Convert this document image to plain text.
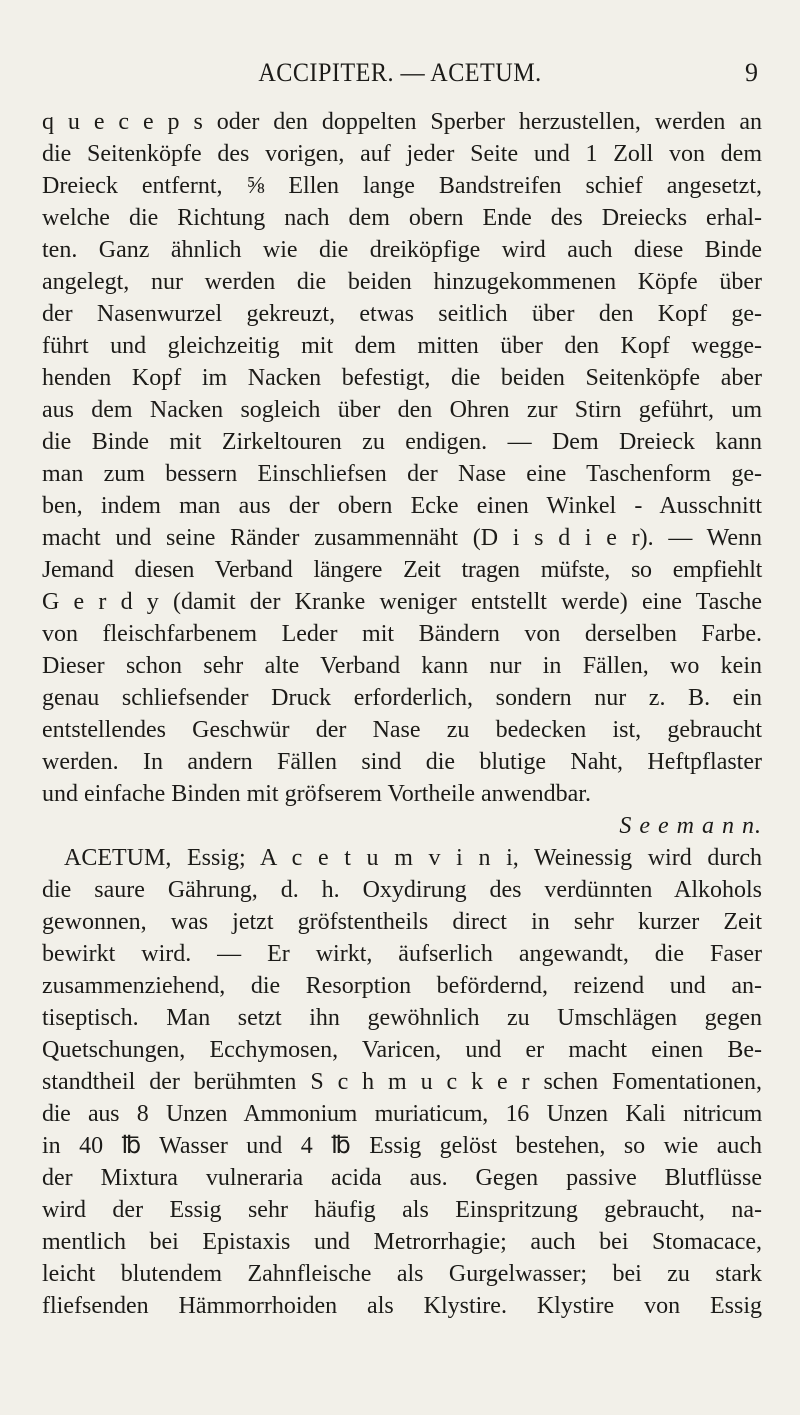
ACCIPITER. — ACETUM.	9
q u e c e p s oder den doppelten Sperber herzustellen, werden an
die Seitenköpfe des vorigen, auf jeder Seite und 1 Zoll von dem
Dreieck entfernt, ⅝ Ellen lange Bandstreifen schief angesetzt,
welche die Richtung nach dem obern Ende des Dreiecks erhal-
ten. Ganz ähnlich wie die dreiköpfige wird auch diese Binde
angelegt, nur werden die beiden hinzugekommenen Köpfe über
der Nasenwurzel gekreuzt, etwas seitlich über den Kopf ge-
führt und gleichzeitig mit dem mitten über den Kopf wegge-
henden Kopf im Nacken befestigt, die beiden Seitenköpfe aber
aus dem Nacken sogleich über den Ohren zur Stirn geführt, um
die Binde mit Zirkeltouren zu endigen. — Dem Dreieck kann
man zum bessern Einschliefsen der Nase eine Taschenform ge-
ben, indem man aus der obern Ecke einen Winkel - Ausschnitt
macht und seine Ränder zusammennäht (D i s d i e r). — Wenn
Jemand diesen Verband längere Zeit tragen müfste, so empfiehlt
G e r d y (damit der Kranke weniger entstellt werde) eine Tasche
von fleischfarbenem Leder mit Bändern von derselben Farbe.
Dieser schon sehr alte Verband kann nur in Fällen, wo kein
genau schliefsender Druck erforderlich, sondern nur z. B. ein
entstellendes Geschwür der Nase zu bedecken ist, gebraucht
werden. In andern Fällen sind die blutige Naht, Heftpflaster
und einfache Binden mit gröfserem Vortheile anwendbar.
S e e m a n n.
ACETUM, Essig; A c e t u m v i n i, Weinessig wird durch
die saure Gährung, d. h. Oxydirung des verdünnten Alkohols
gewonnen, was jetzt gröfstentheils direct in sehr kurzer Zeit
bewirkt wird. — Er wirkt, äufserlich angewandt, die Faser
zusammenziehend, die Resorption befördernd, reizend und an-
tiseptisch. Man setzt ihn gewöhnlich zu Umschlägen gegen
Quetschungen, Ecchymosen, Varicen, und er macht einen Be-
standtheil der berühmten S c h m u c k e r schen Fomentationen,
die aus 8 Unzen Ammonium muriaticum, 16 Unzen Kali nitricum
in 40 ℔ Wasser und 4 ℔ Essig gelöst bestehen, so wie auch
der Mixtura vulneraria acida aus. Gegen passive Blutflüsse
wird der Essig sehr häufig als Einspritzung gebraucht, na-
mentlich bei Epistaxis und Metrorrhagie; auch bei Stomacace,
leicht blutendem Zahnfleische als Gurgelwasser; bei zu stark
fliefsenden Hämmorrhoiden als Klystire. Klystire von Essig
